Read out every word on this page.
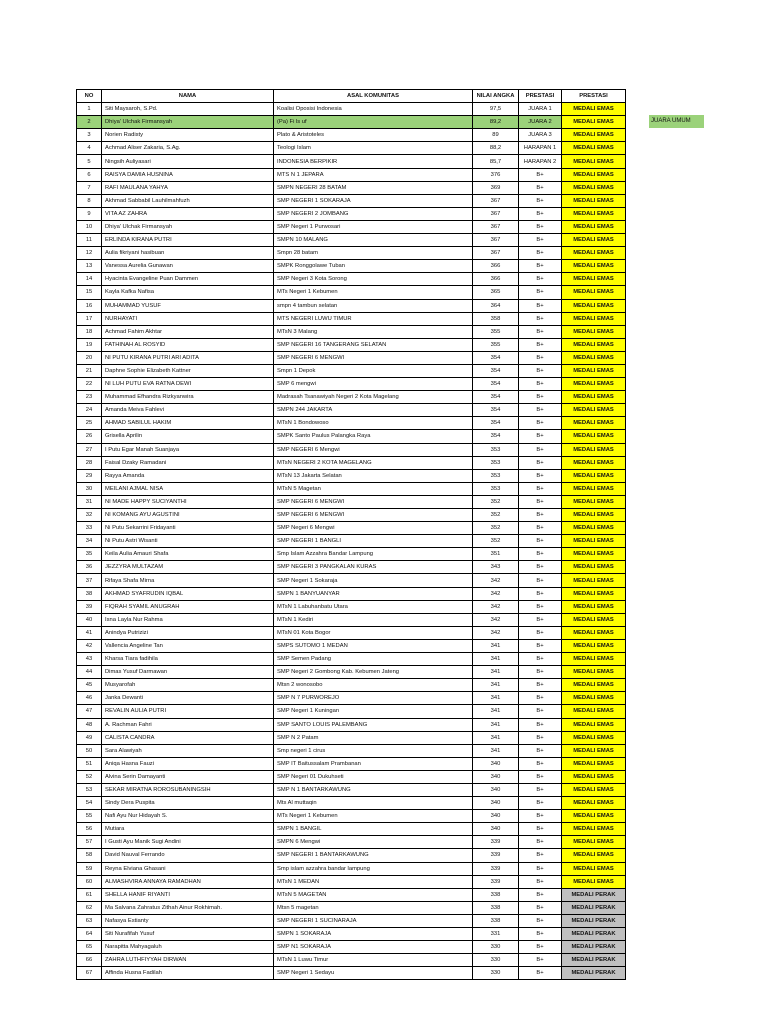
NO	NAMA	ASAL KOMUNITAS	NILAI ANGKA	PRESTASI	PRESTASI
1	Siti Maysaroh, S.Pd.	Koalisi Oposisi Indonesia	97,5	JUARA 1	MEDALI EMAS
2	Dhiya' Ulchak Firmansyah	(Pa) Fi ls uf	89,2	JUARA 2	MEDALI EMAS
3	Norien Radisty	Plato & Aristoteles	89	JUARA 3	MEDALI EMAS
4	Achmad Aliser Zakaria, S.Ag.	Teologi Islam	88,2	HARAPAN 1	MEDALI EMAS
5	Ningsih Auliyasari	INDONESIA BERPIKIR	85,7	HARAPAN 2	MEDALI EMAS
6	RAISYA DAMIA HUSNINA	MTS N 1 JEPARA	376	B+	MEDALI EMAS
7	RAFI MAULANA YAHYA	SMPN NEGERI 28 BATAM	369	B+	MEDALI EMAS
8	Akhmad Sabbabil Lauhilmahfuzh	SMP NEGERI 1 SOKARAJA	367	B+	MEDALI EMAS
9	VITA AZ ZAHRA	SMP NEGERI 2 JOMBANG	367	B+	MEDALI EMAS
10	Dhiya' Ulchak Firmansyah	SMP Negeri 1 Purwosari	367	B+	MEDALI EMAS
11	ERLINDA KIRANA PUTRI	SMPN 10 MALANG	367	B+	MEDALI EMAS
12	Aulia fikriyani hasibuan	Smpn 28 batam	367	B+	MEDALI EMAS
13	Vanessa Aurelia Gunawan	SMPK Ronggolawe Tuban	366	B+	MEDALI EMAS
14	Hyacinta Evangeline Puan Dammen	SMP Negeri 3 Kota Sorong	366	B+	MEDALI EMAS
15	Kayla Kafka Nafisa	MTs Negeri 1 Kebumen	365	B+	MEDALI EMAS
16	MUHAMMAD YUSUF	smpn 4 tambun selatan	364	B+	MEDALI EMAS
17	NURHAYATI	MTS NEGERI LUWU TIMUR	358	B+	MEDALI EMAS
18	Achmad Fahim Akhtar	MTsN 3 Malang	355	B+	MEDALI EMAS
19	FATHINAH AL ROSYID	SMP NEGERI 16 TANGERANG SELATAN	355	B+	MEDALI EMAS
20	NI PUTU KIRANA PUTRI ARI ADITA	SMP NEGERI 6 MENGWI	354	B+	MEDALI EMAS
21	Daphne Sophie Elizabeth Kattner	Smpn 1 Depok	354	B+	MEDALI EMAS
22	NI LUH PUTU EVA RATNA DEWI	SMP 6 mengwi	354	B+	MEDALI EMAS
23	Muhammad Efhandra Rizkyanwira	Madrasah Tsanawiyah Negeri 2 Kota Magelang	354	B+	MEDALI EMAS
24	Amanda Meiva Fahlevi	SMPN 244 JAKARTA	354	B+	MEDALI EMAS
25	AHMAD SABILUL HAKIM	MTsN 1 Bondowoso	354	B+	MEDALI EMAS
26	Grisella Aprilin	SMPK Santo Paulus Palangka Raya	354	B+	MEDALI EMAS
27	I Putu Egar Manah Suanjaya	SMP NEGERI 6 Mengwi	353	B+	MEDALI EMAS
28	Faisal Dzaky Ramadani	MTsN NEGERI 2 KOTA MAGELANG	353	B+	MEDALI EMAS
29	Rayya Amanda	MTsN 13 Jakarta Selatan	353	B+	MEDALI EMAS
30	MEILANI AJMAL NISA	MTsN 5 Magetan	353	B+	MEDALI EMAS
31	NI MADE HAPPY SUCIYANTHI	SMP NEGERI 6 MENGWI	352	B+	MEDALI EMAS
32	NI KOMANG AYU AGUSTINI	SMP NEGERI 6 MENGWI	352	B+	MEDALI EMAS
33	Ni Putu Sekarrini Fridayanti	SMP Negeri 6 Mengwi	352	B+	MEDALI EMAS
34	Ni Putu Astri Wisanti	SMP NEGERI 1 BANGLI	352	B+	MEDALI EMAS
35	Keila Aulia Amauri Shafa	Smp Islam Azzahra Bandar Lampung	351	B+	MEDALI EMAS
36	JEZZYRA MULTAZAM	SMP NEGERI 3 PANGKALAN KURAS	343	B+	MEDALI EMAS
37	Rifaya Shafa Mirna	SMP Negeri 1 Sokaraja	342	B+	MEDALI EMAS
38	AKHMAD SYAFRUDIN IQBAL	SMPN 1 BANYUANYAR	342	B+	MEDALI EMAS
39	FIQRAH SYAMIL ANUGRAH	MTsN 1 Labuhanbatu Utara	342	B+	MEDALI EMAS
40	Isna Layla Nur Rahma	MTsN 1 Kediri	342	B+	MEDALI EMAS
41	Anindya Putrizizi	MTsN 01 Kota Bogor	342	B+	MEDALI EMAS
42	Vallencia Angeline Tan	SMPS SUTOMO 1 MEDAN	341	B+	MEDALI EMAS
43	Kharsa Tiara fadihila	SMP Semen Padang	341	B+	MEDALI EMAS
44	Dimas Yusuf Darmawan	SMP Negeri 2 Gombong Kab. Kebumen Jateng	341	B+	MEDALI EMAS
45	Musyarofah	Mtsn 2 wonosobo	341	B+	MEDALI EMAS
46	Janka Dewanti	SMP N 7 PURWOREJO	341	B+	MEDALI EMAS
47	REVALIN AULIA PUTRI	SMP Negeri 1 Kuningan	341	B+	MEDALI EMAS
48	A. Rachman Fahri	SMP SANTO LOUIS PALEMBANG	341	B+	MEDALI EMAS
49	CALISTA CANDRA	SMP N 2 Patam	341	B+	MEDALI EMAS
50	Sara Alawiyah	Smp negeri 1 cirus	341	B+	MEDALI EMAS
51	Aniqa Hasna Fauzi	SMP IT Baitussalam Prambanan	340	B+	MEDALI EMAS
52	Alvina Serin Damayanti	SMP Negeri 01 Dukuhseti	340	B+	MEDALI EMAS
53	SEKAR MIRATNA ROROSUBANINGSIH	SMP N 1 BANTARKAWUNG	340	B+	MEDALI EMAS
54	Sindy Dera Puspita	Mts Al muttaqin	340	B+	MEDALI EMAS
55	Nafi Ayu Nur Hidayah S.	MTs Negeri 1 Kebumen	340	B+	MEDALI EMAS
56	Mutiara	SMPN 1 BANGIL	340	B+	MEDALI EMAS
57	I Gusti Ayu Manik Sugi Andini	SMPN 6 Mengwi	339	B+	MEDALI EMAS
58	David Nauval Ferrando	SMP NEGERI 1 BANTARKAWUNG	339	B+	MEDALI EMAS
59	Reyna Elviana Ghasani	Smp islam azzahra bandar lampung	339	B+	MEDALI EMAS
60	ALMASHVIRA ANNAYA RAMADHAN	MTsN 1 MEDAN	339	B+	MEDALI EMAS
61	SHELLA HANIF RIYANTI	MTsN 5 MAGETAN	338	B+	MEDALI PERAK
62	Ma Salvana Zahratus Zithah Ainur Rokhimah.	Mtsn 5 magetan	338	B+	MEDALI PERAK
63	Nafasya Estianty	SMP NEGERI 1 SUCINARAJA	338	B+	MEDALI PERAK
64	Siti Nurafifah Yusuf	SMPN 1 SOKARAJA	331	B+	MEDALI PERAK
65	Narapitta Mahyagaluh	SMP N1 SOKARAJA	330	B+	MEDALI PERAK
66	ZAHRA LUTHFIYYAH DIRWAN	MTsN 1 Luwu Timur	330	B+	MEDALI PERAK
67	Affinda Husna Fadilah	SMP Negeri 1 Sedayu	330	B+	MEDALI PERAK
JUARA UMUM
